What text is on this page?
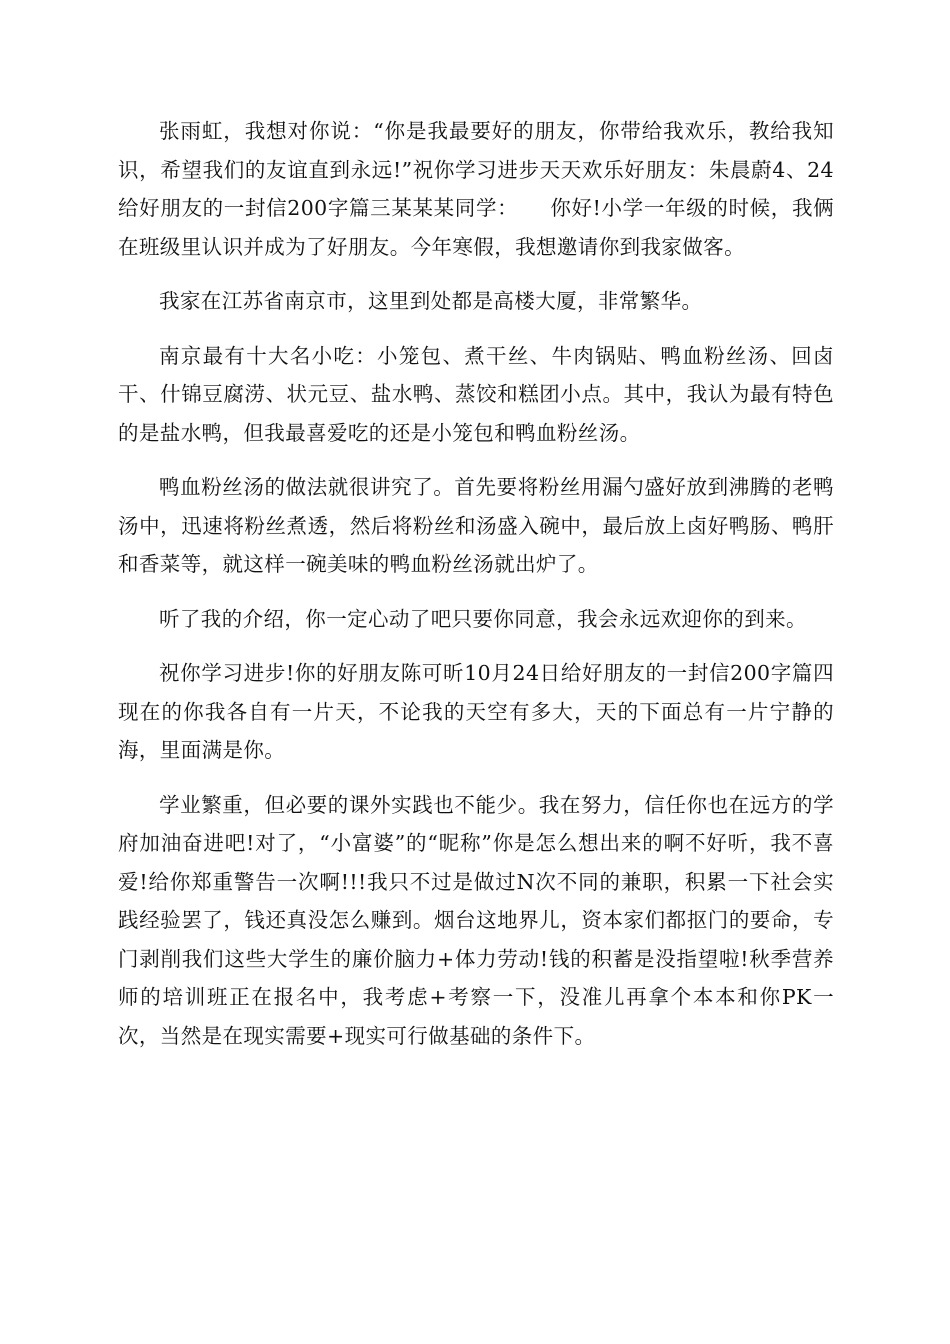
张雨虹，我想对你说：“你是我最要好的朋友，你带给我欢乐，教给我知识，希望我们的友谊直到永远!”祝你学习进步天天欢乐好朋友：朱晨蔚4、24给好朋友的一封信200字篇三某某某同学：　　你好!小学一年级的时候，我俩在班级里认识并成为了好朋友。今年寒假，我想邀请你到我家做客。

我家在江苏省南京市，这里到处都是高楼大厦，非常繁华。

南京最有十大名小吃：小笼包、煮干丝、牛肉锅贴、鸭血粉丝汤、回卤干、什锦豆腐涝、状元豆、盐水鸭、蒸饺和糕团小点。其中，我认为最有特色的是盐水鸭，但我最喜爱吃的还是小笼包和鸭血粉丝汤。

鸭血粉丝汤的做法就很讲究了。首先要将粉丝用漏勺盛好放到沸腾的老鸭汤中，迅速将粉丝煮透，然后将粉丝和汤盛入碗中，最后放上卤好鸭肠、鸭肝和香菜等，就这样一碗美味的鸭血粉丝汤就出炉了。

听了我的介绍，你一定心动了吧只要你同意，我会永远欢迎你的到来。

祝你学习进步!你的好朋友陈可昕10月24日给好朋友的一封信200字篇四现在的你我各自有一片天，不论我的天空有多大，天的下面总有一片宁静的海，里面满是你。

学业繁重，但必要的课外实践也不能少。我在努力，信任你也在远方的学府加油奋进吧!对了，“小富婆”的“昵称”你是怎么想出来的啊不好听，我不喜爱!给你郑重警告一次啊!!!我只不过是做过N次不同的兼职，积累一下社会实践经验罢了，钱还真没怎么赚到。烟台这地界儿，资本家们都抠门的要命，专门剥削我们这些大学生的廉价脑力+体力劳动!钱的积蓄是没指望啦!秋季营养师的培训班正在报名中，我考虑+考察一下，没准儿再拿个本本和你PK一次，当然是在现实需要+现实可行做基础的条件下。
